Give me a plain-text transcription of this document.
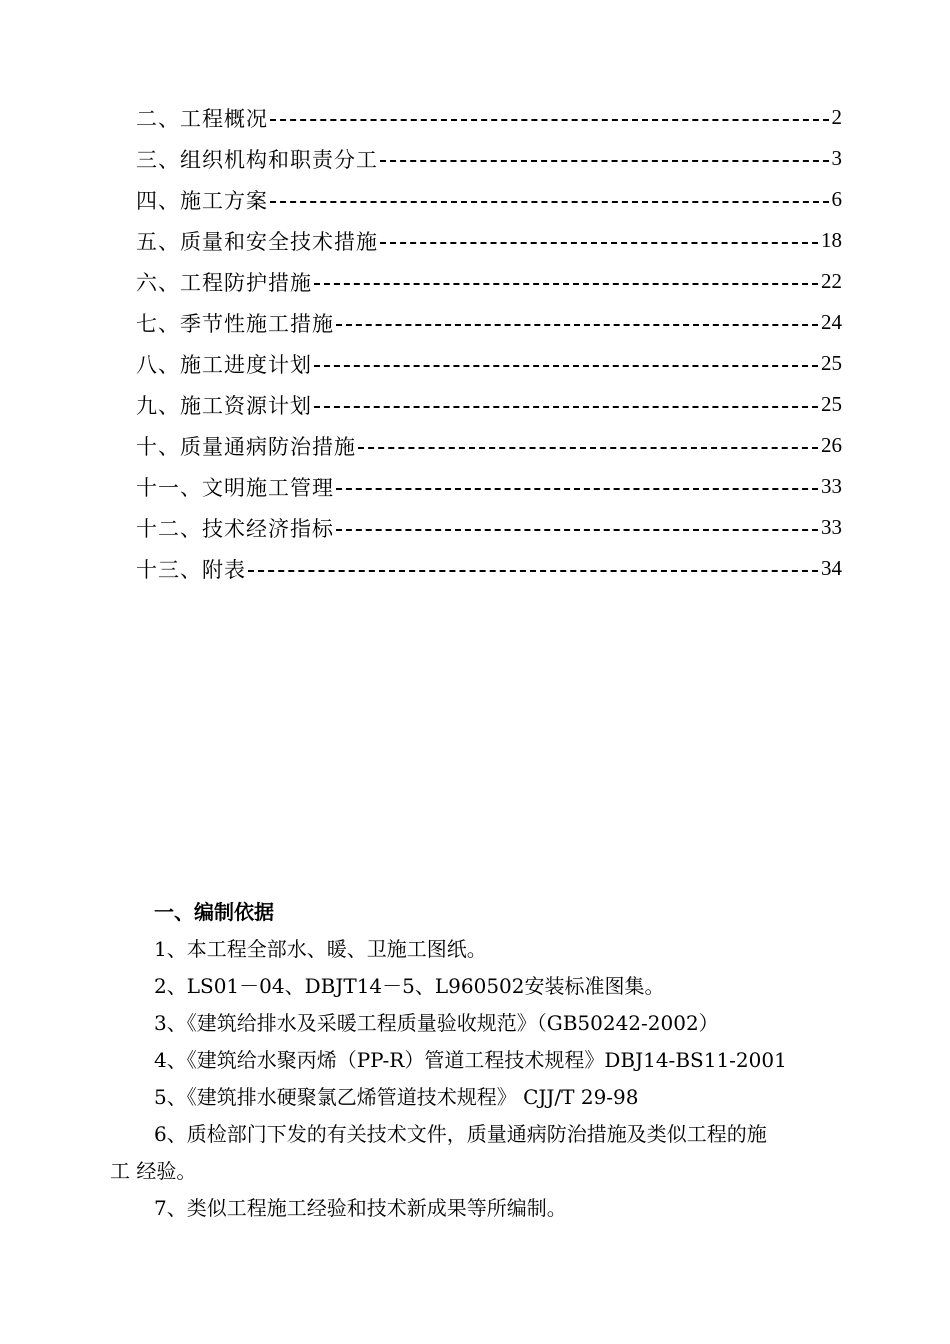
二、工程概况	2
三、组织机构和职责分工	3
四、施工方案	6
五、质量和安全技术措施	18
六、工程防护措施	22
七、季节性施工措施	24
八、施工进度计划	25
九、施工资源计划	25
十、质量通病防治措施	26
十一、文明施工管理	33
十二、技术经济指标	33
十三、附表	34
一、编制依据
1、本工程全部水、暖、卫施工图纸。
2、LS01－04、DBJT14－5、L960502安装标准图集。
3、《建筑给排水及采暖工程质量验收规范》（GB50242-2002）
4、《建筑给水聚丙烯（PP-R）管道工程技术规程》DBJ14-BS11-2001
5、《建筑排水硬聚氯乙烯管道技术规程》 CJJ/T 29-98
6、质检部门下发的有关技术文件，质量通病防治措施及类似工程的施
工 经验。
7、类似工程施工经验和技术新成果等所编制。
